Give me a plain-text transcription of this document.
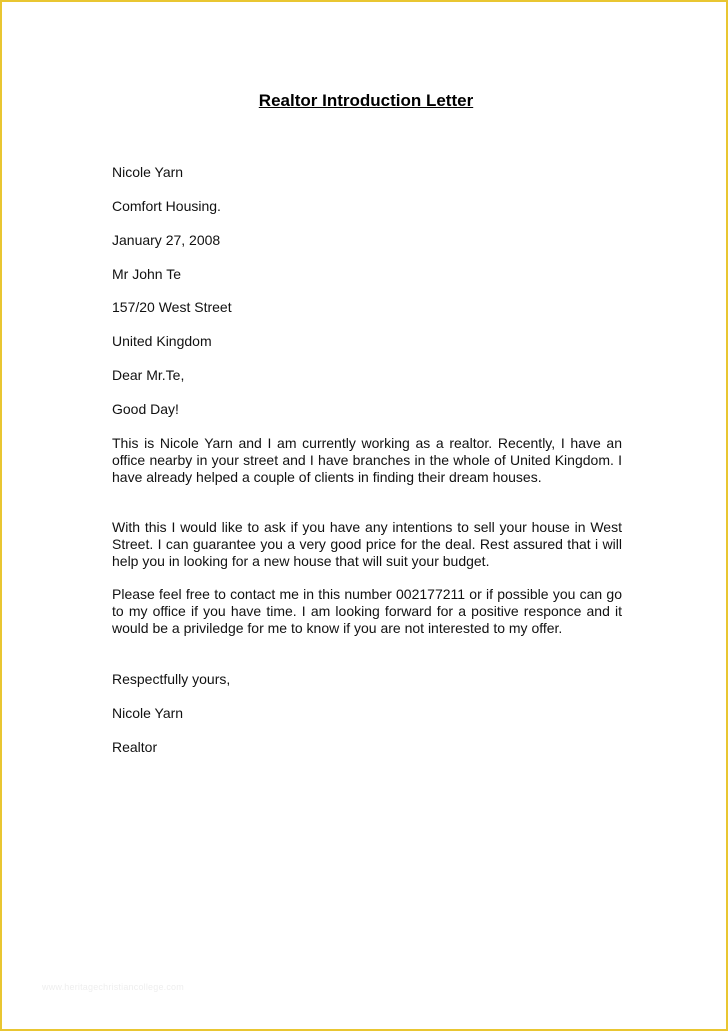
Realtor Introduction Letter

Nicole Yarn

Comfort Housing.

January 27, 2008

Mr John Te

157/20 West Street

United Kingdom

Dear Mr.Te,

Good Day!

This is Nicole Yarn and I am currently working as a realtor. Recently, I have an office nearby in your street and I have branches in the whole of United Kingdom. I have already helped a couple of clients in finding their dream houses.

With this I would like to ask if you have any intentions to sell your house in West Street. I can guarantee you a very good price for the deal. Rest assured that i will help you in looking for a new house that will suit your budget.

Please feel free to contact me in this number 002177211 or if possible you can go to my office if you have time. I am looking forward for a positive responce and it would be a priviledge for me to know if you are not interested to my offer.

Respectfully yours,

Nicole Yarn

Realtor

www.heritagechristiancollege.com
